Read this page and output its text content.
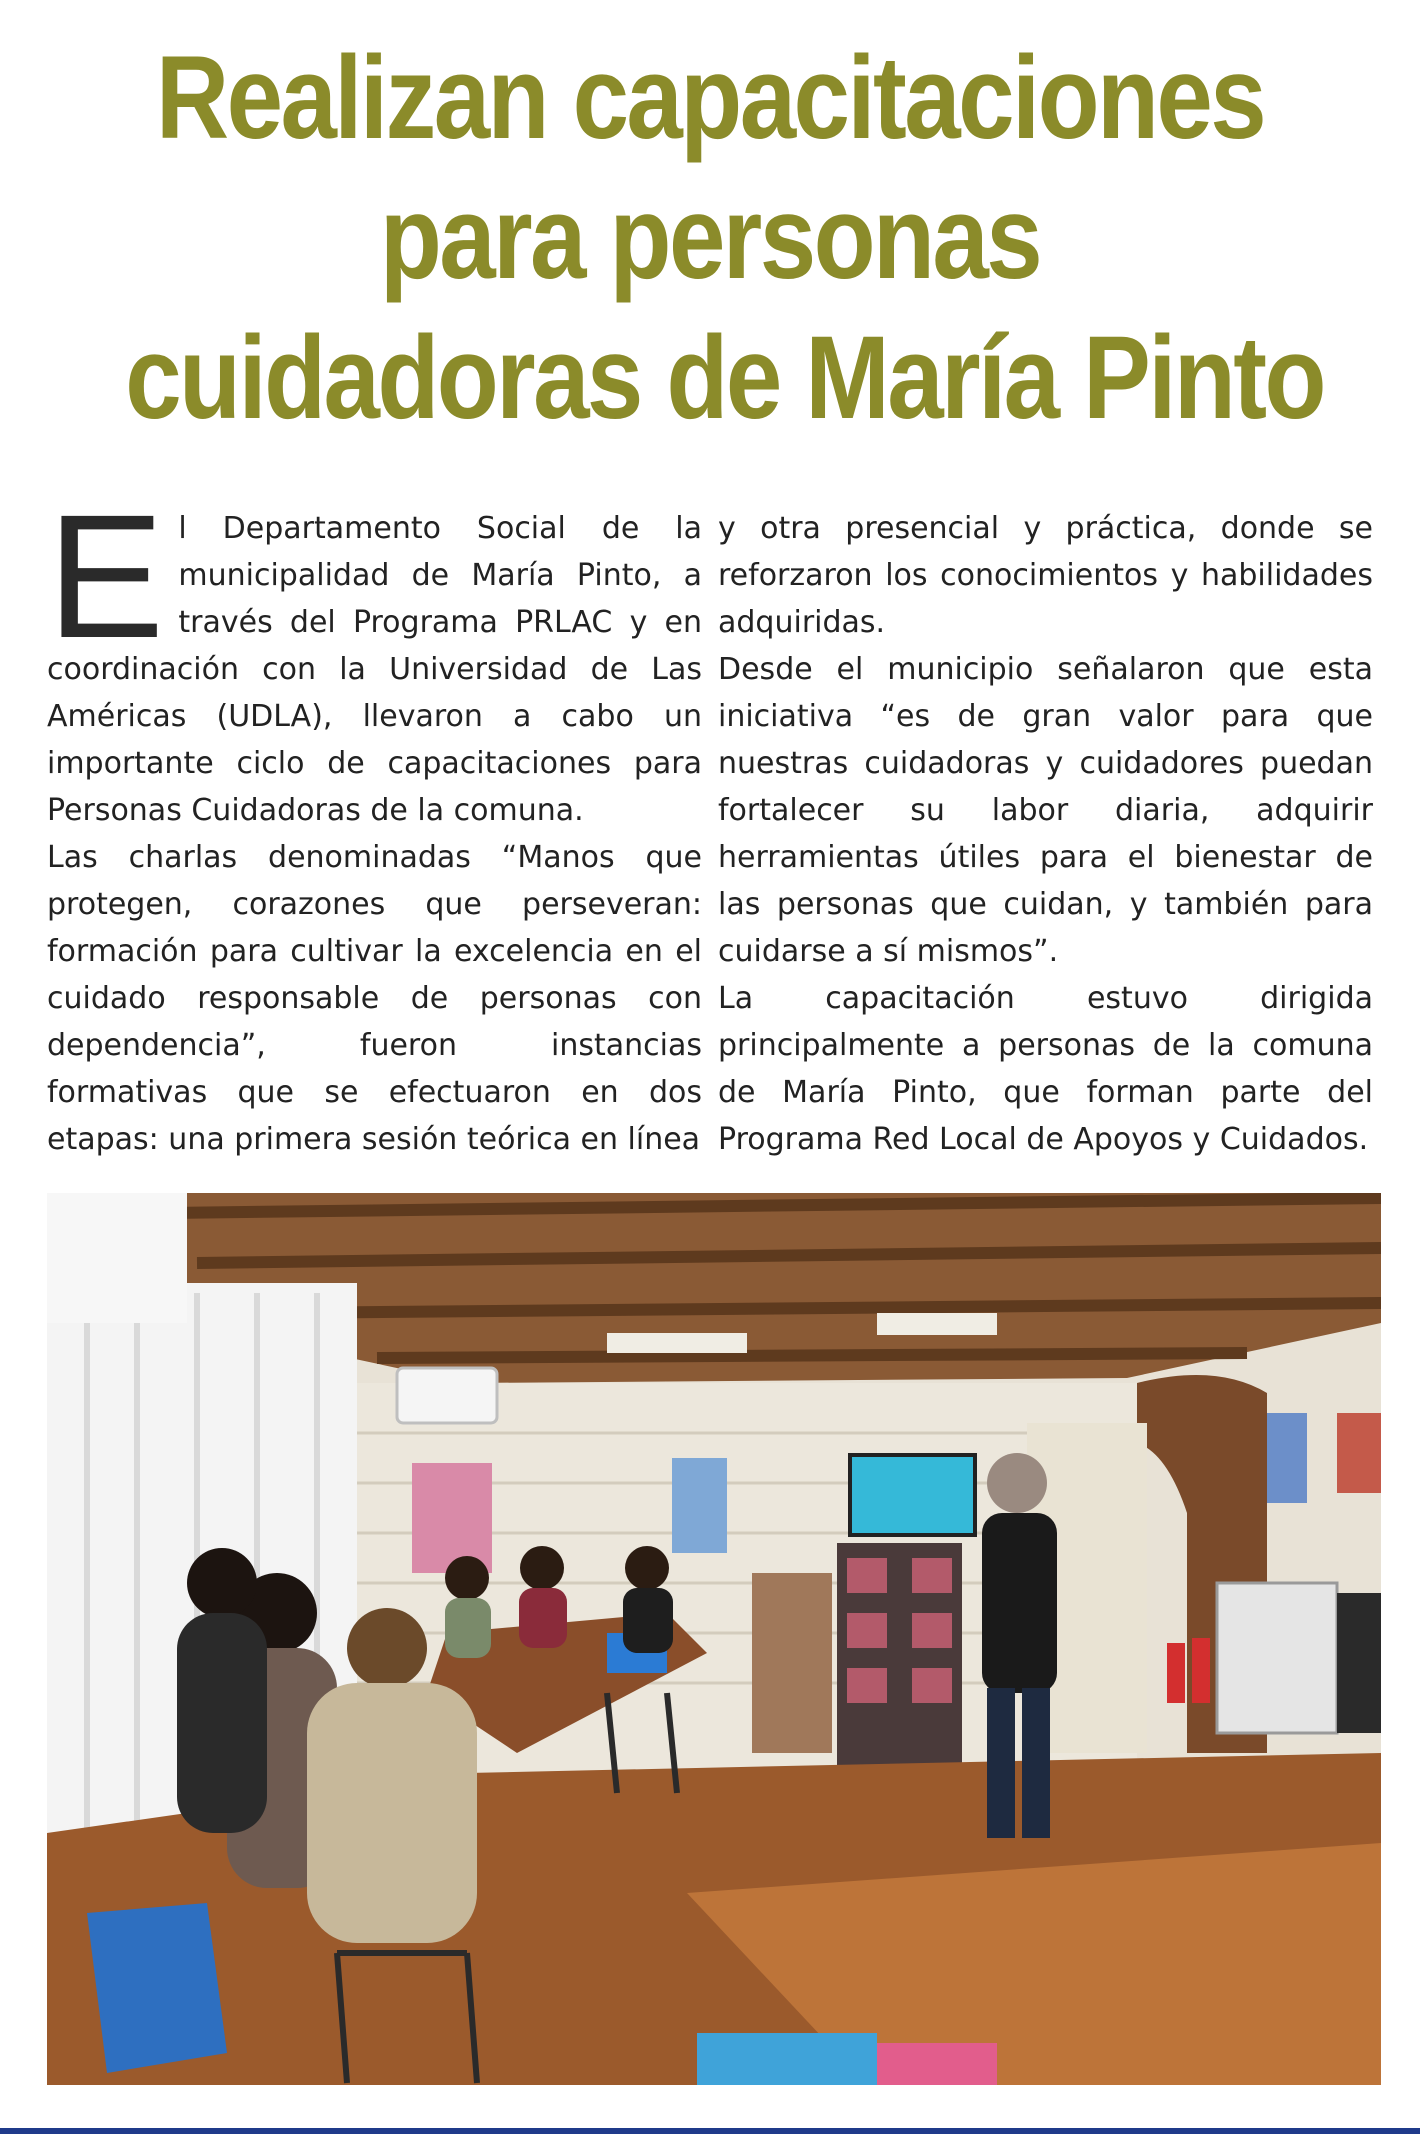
Realizan capacitaciones
para personas
cuidadoras de María Pinto

El Departamento Social de la municipalidad de María Pinto, a través del Programa PRLAC y en coordinación con la Universidad de Las Américas (UDLA), llevaron a cabo un importante ciclo de capacitaciones para Personas Cuidadoras de la comuna.

Las charlas denominadas “Manos que protegen, corazones que perseveran: formación para cultivar la excelencia en el cuidado responsable de personas con dependencia”, fueron instancias formativas que se efectuaron en dos etapas: una primera sesión teórica en línea

y otra presencial y práctica, donde se reforzaron los conocimientos y habilidades adquiridas.

Desde el municipio señalaron que esta iniciativa “es de gran valor para que nuestras cuidadoras y cuidadores puedan fortalecer su labor diaria, adquirir herramientas útiles para el bienestar de las personas que cuidan, y también para cuidarse a sí mismos”.

La capacitación estuvo dirigida principalmente a personas de la comuna de María Pinto, que forman parte del Programa Red Local de Apoyos y Cuidados.
